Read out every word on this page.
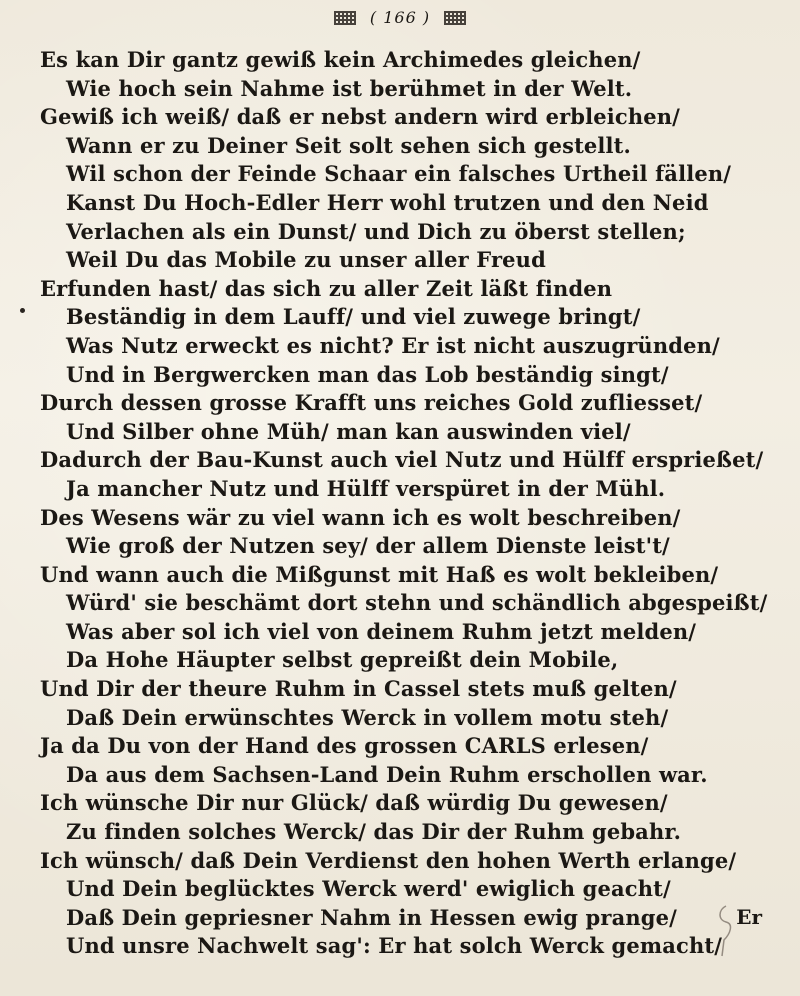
( 166 )
Es kan Dir gantz gewiß kein Archimedes gleichen/
Wie hoch sein Nahme ist berühmet in der Welt.
Gewiß ich weiß/ daß er nebst andern wird erbleichen/
Wann er zu Deiner Seit solt sehen sich gestellt.
Wil schon der Feinde Schaar ein falsches Urtheil fällen/
Kanst Du Hoch-Edler Herr wohl trutzen und den Neid
Verlachen als ein Dunst/ und Dich zu öberst stellen;
Weil Du das Mobile zu unser aller Freud
Erfunden hast/ das sich zu aller Zeit läßt finden
Beständig in dem Lauff/ und viel zuwege bringt/
Was Nutz erweckt es nicht? Er ist nicht auszugründen/
Und in Bergwercken man das Lob beständig singt/
Durch dessen grosse Krafft uns reiches Gold zufliesset/
Und Silber ohne Müh/ man kan auswinden viel/
Dadurch der Bau-Kunst auch viel Nutz und Hülff ersprießet/
Ja mancher Nutz und Hülff verspüret in der Mühl.
Des Wesens wär zu viel wann ich es wolt beschreiben/
Wie groß der Nutzen sey/ der allem Dienste leist't/
Und wann auch die Mißgunst mit Haß es wolt bekleiben/
Würd' sie beschämt dort stehn und schändlich abgespeißt/
Was aber sol ich viel von deinem Ruhm jetzt melden/
Da Hohe Häupter selbst gepreißt dein Mobile,
Und Dir der theure Ruhm in Cassel stets muß gelten/
Daß Dein erwünschtes Werck in vollem motu steh/
Ja da Du von der Hand des grossen CARLS erlesen/
Da aus dem Sachsen-Land Dein Ruhm erschollen war.
Ich wünsche Dir nur Glück/ daß würdig Du gewesen/
Zu finden solches Werck/ das Dir der Ruhm gebahr.
Ich wünsch/ daß Dein Verdienst den hohen Werth erlange/
Und Dein beglücktes Werck werd' ewiglich geacht/
Daß Dein gepriesner Nahm in Hessen ewig prange/
Und unsre Nachwelt sag': Er hat solch Werck gemacht/
Er
